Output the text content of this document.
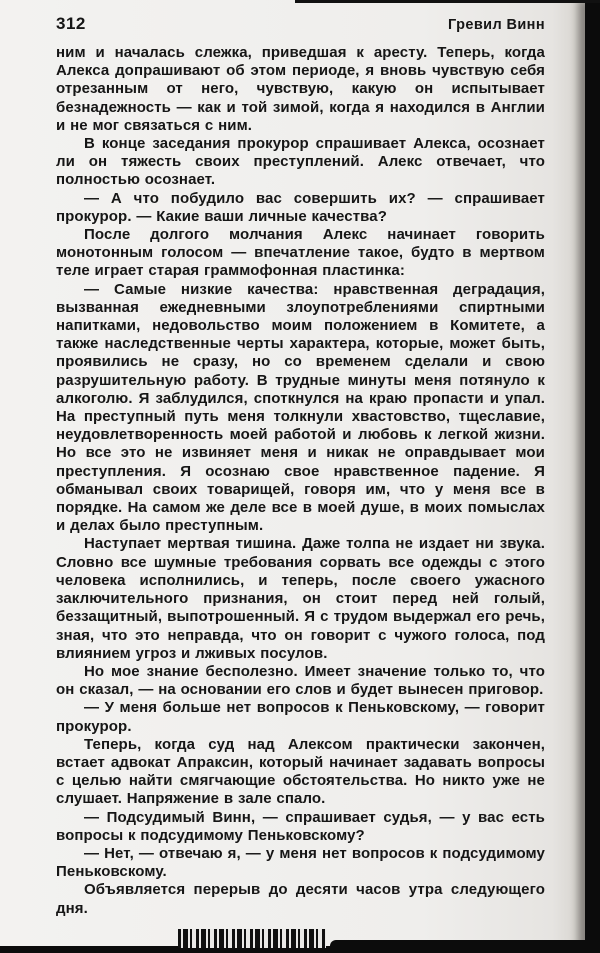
312	Гревил Винн

ним и началась слежка, приведшая к аресту. Теперь, когда Алекса допрашивают об этом периоде, я вновь чувствую себя отрезанным от него, чувствую, какую он испытывает безнадежность — как и той зимой, когда я находился в Англии и не мог связаться с ним.

В конце заседания прокурор спрашивает Алекса, осознает ли он тяжесть своих преступлений. Алекс отвечает, что полностью осознает.

— А что побудило вас совершить их? — спрашивает прокурор. — Какие ваши личные качества?

После долгого молчания Алекс начинает говорить монотонным голосом — впечатление такое, будто в мертвом теле играет старая граммофонная пластинка:

— Самые низкие качества: нравственная деградация, вызванная ежедневными злоупотреблениями спиртными напитками, недовольство моим положением в Комитете, а также наследственные черты характера, которые, может быть, проявились не сразу, но со временем сделали и свою разрушительную работу. В трудные минуты меня потянуло к алкоголю. Я заблудился, споткнулся на краю пропасти и упал. На преступный путь меня толкнули хвастовство, тщеславие, неудовлетворенность моей работой и любовь к легкой жизни. Но все это не извиняет меня и никак не оправдывает мои преступления. Я осознаю свое нравственное падение. Я обманывал своих товарищей, говоря им, что у меня все в порядке. На самом же деле все в моей душе, в моих помыслах и делах было преступным.

Наступает мертвая тишина. Даже толпа не издает ни звука. Словно все шумные требования сорвать все одежды с этого человека исполнились, и теперь, после своего ужасного заключительного признания, он стоит перед ней голый, беззащитный, выпотрошенный. Я с трудом выдержал его речь, зная, что это неправда, что он говорит с чужого голоса, под влиянием угроз и лживых посулов.

Но мое знание бесполезно. Имеет значение только то, что он сказал, — на основании его слов и будет вынесен приговор.

— У меня больше нет вопросов к Пеньковскому, — говорит прокурор.

Теперь, когда суд над Алексом практически закончен, встает адвокат Апраксин, который начинает задавать вопросы с целью найти смягчающие обстоятельства. Но никто уже не слушает. Напряжение в зале спало.

— Подсудимый Винн, — спрашивает судья, — у вас есть вопросы к подсудимому Пеньковскому?

— Нет, — отвечаю я, — у меня нет вопросов к подсудимому Пеньковскому.

Объявляется перерыв до десяти часов утра следующего дня.
